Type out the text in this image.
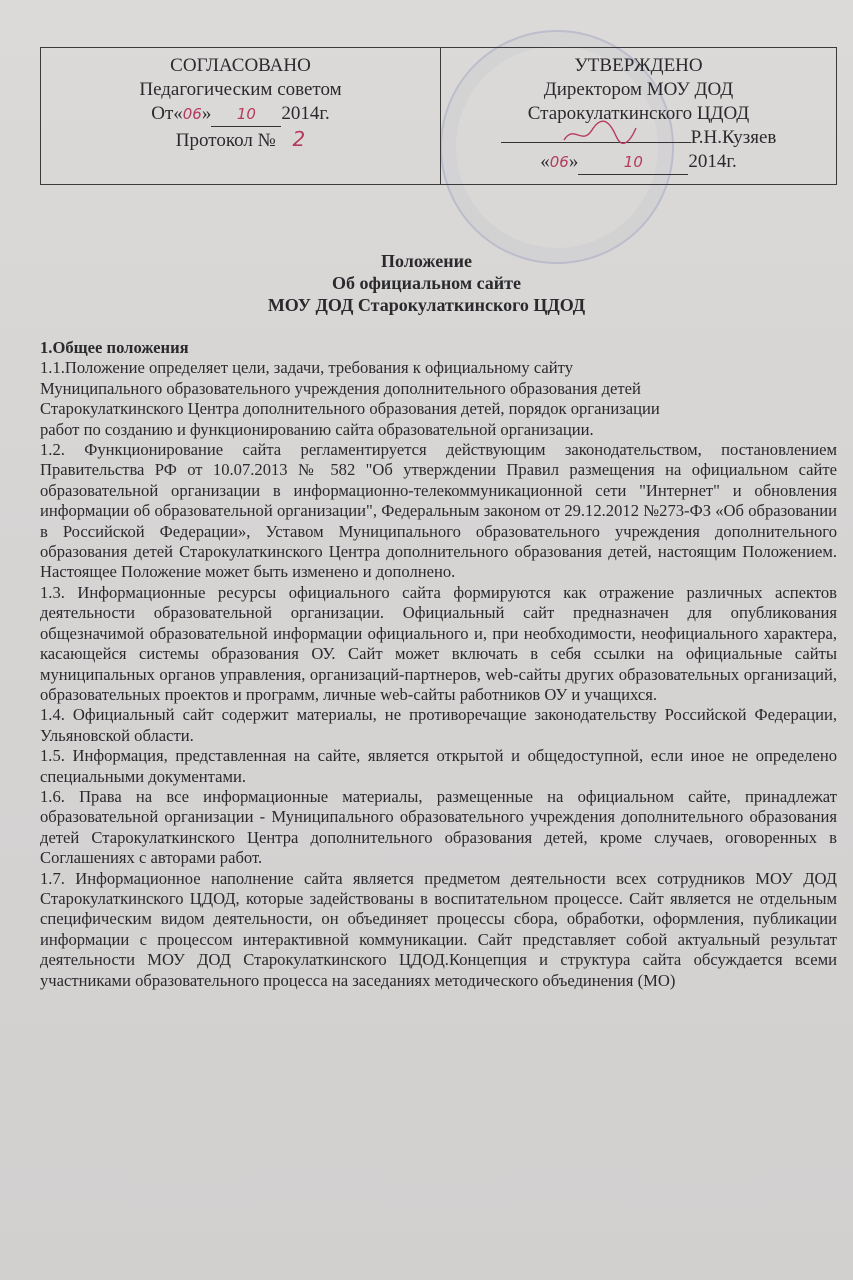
СОГЛАСОВАНО
Педагогическим советом
От«06» 10 2014г.
Протокол № 2
УТВЕРЖДЕНО
Директором МОУ ДОД
Старокулаткинского ЦДОД
Р.Н.Кузяев
«06»	10 2014г.
Положение
Об официальном сайте
МОУ ДОД Старокулаткинского ЦДОД

1.Общее положения

1.1.Положение определяет цели, задачи, требования к официальному сайту
Муниципального образовательного учреждения дополнительного образования детей
Старокулаткинского Центра дополнительного образования детей, порядок организации
работ по созданию и функционированию сайта образовательной организации.

1.2. Функционирование сайта регламентируется действующим законодательством, постановлением Правительства РФ от 10.07.2013 № 582 "Об утверждении Правил размещения на официальном сайте образовательной организации в информационно-телекоммуникационной сети "Интернет" и обновления информации об образовательной организации", Федеральным законом от 29.12.2012 №273-ФЗ «Об образовании в Российской Федерации», Уставом Муниципального образовательного учреждения дополнительного образования детей Старокулаткинского Центра дополнительного образования детей, настоящим Положением. Настоящее Положение может быть изменено и дополнено.

1.3. Информационные ресурсы официального сайта формируются как отражение различных аспектов деятельности образовательной организации. Официальный сайт предназначен для опубликования общезначимой образовательной информации официального и, при необходимости, неофициального характера, касающейся системы образования ОУ. Сайт может включать в себя ссылки на официальные сайты муниципальных органов управления, организаций-партнеров, web-сайты других образовательных организаций, образовательных проектов и программ, личные web-сайты работников ОУ и учащихся.

1.4. Официальный сайт содержит материалы, не противоречащие законодательству Российской Федерации, Ульяновской области.

1.5. Информация, представленная на сайте, является открытой и общедоступной, если иное не определено специальными документами.

1.6. Права на все информационные материалы, размещенные на официальном сайте, принадлежат образовательной организации - Муниципального образовательного учреждения дополнительного образования детей Старокулаткинского Центра дополнительного образования детей, кроме случаев, оговоренных в Соглашениях с авторами работ.

1.7. Информационное наполнение сайта является предметом деятельности всех сотрудников МОУ ДОД Старокулаткинского ЦДОД, которые задействованы в воспитательном процессе. Сайт является не отдельным специфическим видом деятельности, он объединяет процессы сбора, обработки, оформления, публикации информации с процессом интерактивной коммуникации. Сайт представляет собой актуальный результат деятельности МОУ ДОД Старокулаткинского ЦДОД.Концепция и структура сайта обсуждается всеми участниками образовательного процесса на заседаниях методического объединения (МО)
